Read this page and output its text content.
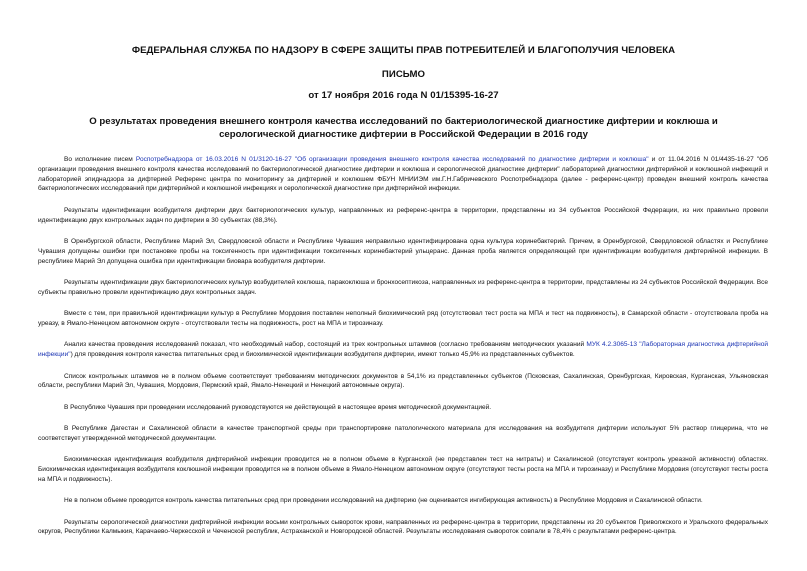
ФЕДЕРАЛЬНАЯ СЛУЖБА ПО НАДЗОРУ В СФЕРЕ ЗАЩИТЫ ПРАВ ПОТРЕБИТЕЛЕЙ И БЛАГОПОЛУЧИЯ ЧЕЛОВЕКА
ПИСЬМО
от 17 ноября 2016 года N 01/15395-16-27
О результатах проведения внешнего контроля качества исследований по бактериологической диагностике дифтерии и коклюша и серологической диагностике дифтерии в Российской Федерации в 2016 году

Во исполнение писем Роспотребнадзора от 16.03.2016 N 01/3120-16-27 "Об организации проведения внешнего контроля качества исследований по диагностике дифтерии и коклюша" и от 11.04.2016 N 01/4435-16-27 "Об организации проведения внешнего контроля качества исследований по бактериологической диагностике дифтерии и коклюша и серологической диагностике дифтерии" лабораторией диагностики дифтерийной и коклюшной инфекций и лабораторией эпиднадзора за дифтерией Референс центра по мониторингу за дифтерией и коклюшем ФБУН МНИИЭМ им.Г.Н.Габричевского Роспотребнадзора (далее - референс-центр) проведен внешний контроль качества бактериологических исследований при дифтерийной и коклюшной инфекциях и серологической диагностике при дифтерийной инфекции.

Результаты идентификации возбудителя дифтерии двух бактериологических культур, направленных из референс-центра в территории, представлены из 34 субъектов Российской Федерации, из них правильно провели идентификацию двух контрольных задач по дифтерии в 30 субъектах (88,3%).

В Оренбургской области, Республике Марий Эл, Свердловской области и Республике Чувашия неправильно идентифицирована одна культура коринебактерий. Причем, в Оренбургской, Свердловской областях и Республике Чувашия допущены ошибки при постановке пробы на токсигенность при идентификации токсигенных коринебактерий ульцеранс. Данная проба является определяющей при идентификации возбудителя дифтерийной инфекции. В республике Марий Эл допущена ошибка при идентификации биовара возбудителя дифтерии.

Результаты идентификации двух бактериологических культур возбудителей коклюша, паракоклюша и бронхосептикоза, направленных из референс-центра в территории, представлены из 24 субъектов Российской Федерации. Все субъекты правильно провели идентификацию двух контрольных задач.

Вместе с тем, при правильной идентификации культур в Республике Мордовия поставлен неполный биохимический ряд (отсутствовал тест роста на МПА и тест на подвижность), в Самарской области - отсутствовала проба на уреазу, в Ямало-Ненецком автономном округе - отсутствовали тесты на подвижность, рост на МПА и тирозиназу.

Анализ качества проведения исследований показал, что необходимый набор, состоящий из трех контрольных штаммов (согласно требованиям методических указаний МУК 4.2.3065-13 "Лабораторная диагностика дифтерийной инфекции") для проведения контроля качества питательных сред и биохимической идентификации возбудителя дифтерии, имеют только 45,9% из представленных субъектов.

Список контрольных штаммов не в полном объеме соответствует требованиям методических документов в 54,1% из представленных субъектов (Псковская, Сахалинская, Оренбургская, Кировская, Курганская, Ульяновская области, республики Марий Эл, Чувашия, Мордовия, Пермский край, Ямало-Ненецкий и Ненецкий автономные округа).

В Республике Чувашия при проведении исследований руководствуются не действующей в настоящее время методической документацией.

В Республике Дагестан и Сахалинской области в качестве транспортной среды при транспортировке патологического материала для исследования на возбудителя дифтерии используют 5% раствор глицерина, что не соответствует утвержденной методической документации.

Биохимическая идентификация возбудителя дифтерийной инфекции проводится не в полном объеме в Курганской (не представлен тест на нитраты) и Сахалинской (отсутствует контроль уреазной активности) областях. Биохимическая идентификация возбудителя коклюшной инфекции проводится не в полном объеме в Ямало-Ненецком автономном округе (отсутствуют тесты роста на МПА и тирозиназу) и Республике Мордовия (отсутствуют тесты роста на МПА и подвижность).

Не в полном объеме проводится контроль качества питательных сред при проведении исследований на дифтерию (не оценивается ингибирующая активность) в Республике Мордовия и Сахалинской области.

Результаты серологической диагностики дифтерийной инфекции восьми контрольных сывороток крови, направленных из референс-центра в территории, представлены из 20 субъектов Приволжского и Уральского федеральных округов, Республики Калмыкия, Карачаево-Черкесской и Чеченской республик, Астраханской и Новгородской областей. Результаты исследования сывороток совпали в 78,4% с результатами референс-центра.
